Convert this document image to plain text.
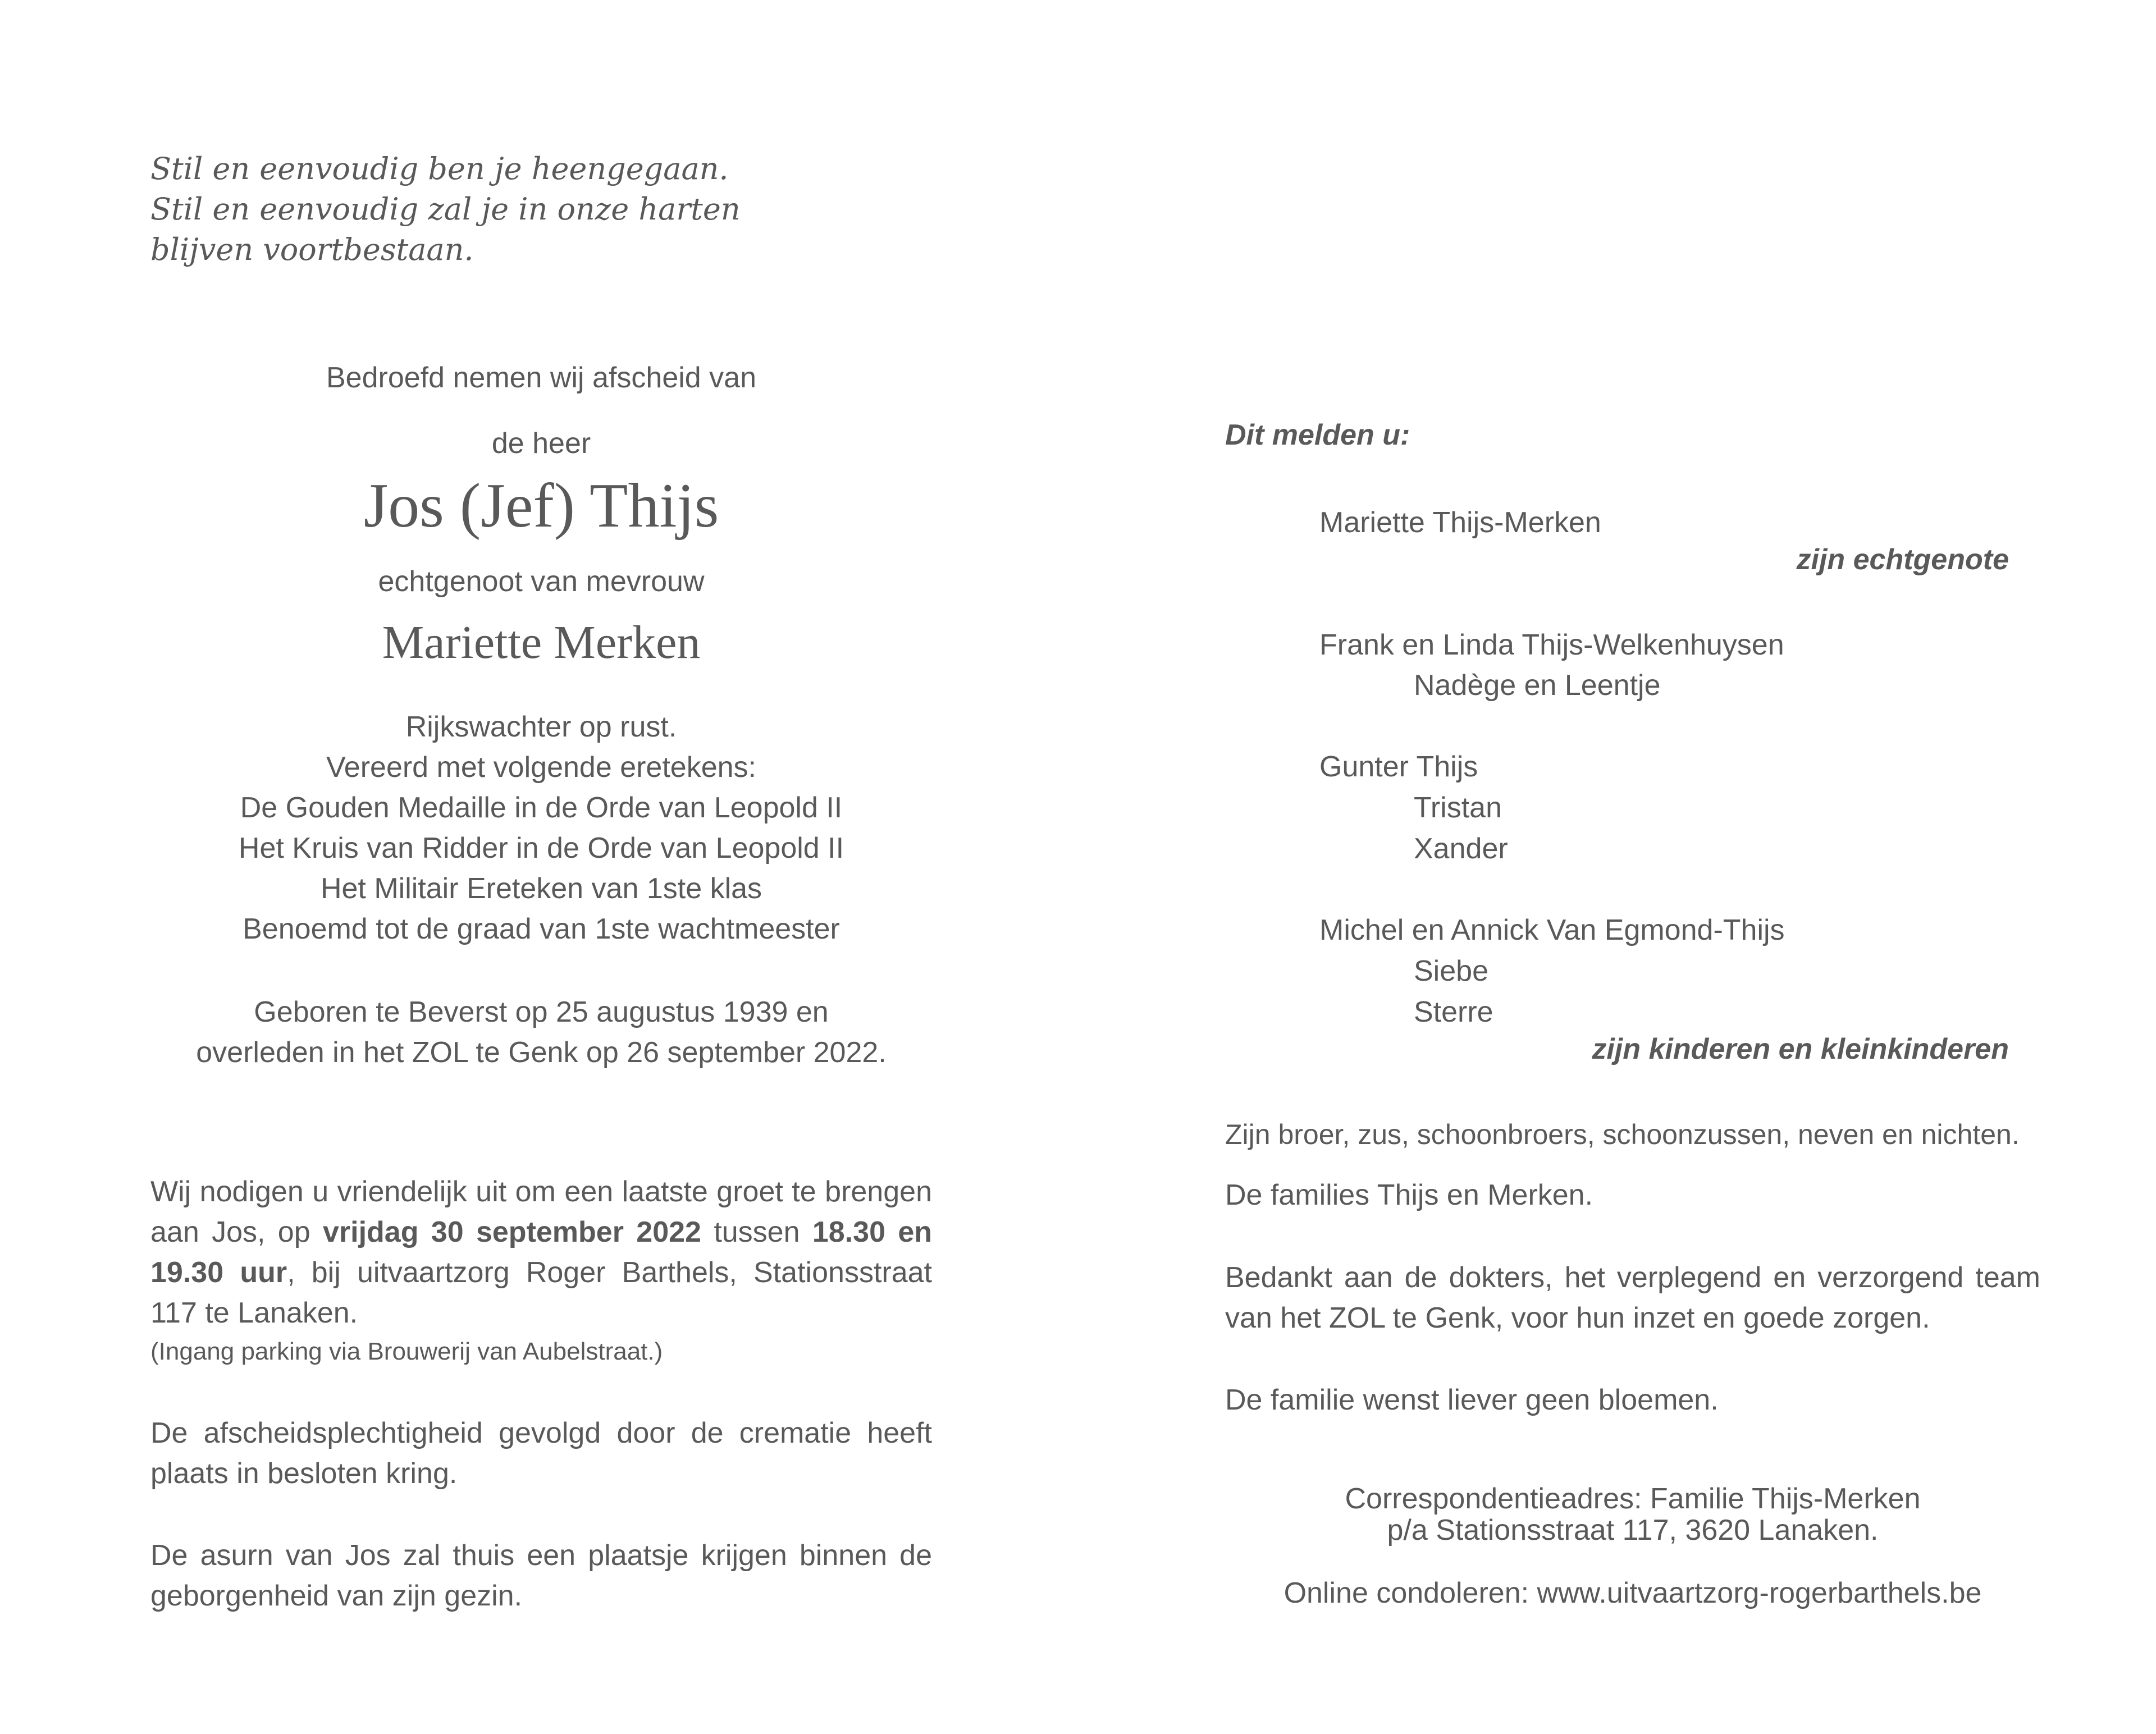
Stil en eenvoudig ben je heengegaan.
Stil en eenvoudig zal je in onze harten
blijven voortbestaan.
Bedroefd nemen wij afscheid van
de heer
Jos (Jef) Thijs
echtgenoot van mevrouw
Mariette Merken
Rijkswachter op rust.
Vereerd met volgende eretekens:
De Gouden Medaille in de Orde van Leopold II
Het Kruis van Ridder in de Orde van Leopold II
Het Militair Ereteken van 1ste klas
Benoemd tot de graad van 1ste wachtmeester
Geboren te Beverst op 25 augustus 1939 en
overleden in het ZOL te Genk op 26 september 2022.
Wij nodigen u vriendelijk uit om een laatste groet te brengen aan Jos, op vrijdag 30 september 2022 tussen 18.30 en 19.30 uur, bij uitvaartzorg Roger Barthels, Stationsstraat 117 te Lanaken.
(Ingang parking via Brouwerij van Aubelstraat.)
De afscheidsplechtigheid gevolgd door de crematie heeft plaats in besloten kring.
De asurn van Jos zal thuis een plaatsje krijgen binnen de geborgenheid van zijn gezin.
Dit melden u:
Mariette Thijs-Merken
zijn echtgenote
Frank en Linda Thijs-Welkenhuysen
Nadège en Leentje
Gunter Thijs
Tristan
Xander
Michel en Annick Van Egmond-Thijs
Siebe
Sterre
zijn kinderen en kleinkinderen
Zijn broer, zus, schoonbroers, schoonzussen, neven en nichten.
De families Thijs en Merken.
Bedankt aan de dokters, het verplegend en verzorgend team van het ZOL te Genk, voor hun inzet en goede zorgen.
De familie wenst liever geen bloemen.
Correspondentieadres: Familie Thijs-Merken
p/a Stationsstraat 117, 3620 Lanaken.
Online condoleren: www.uitvaartzorg-rogerbarthels.be
